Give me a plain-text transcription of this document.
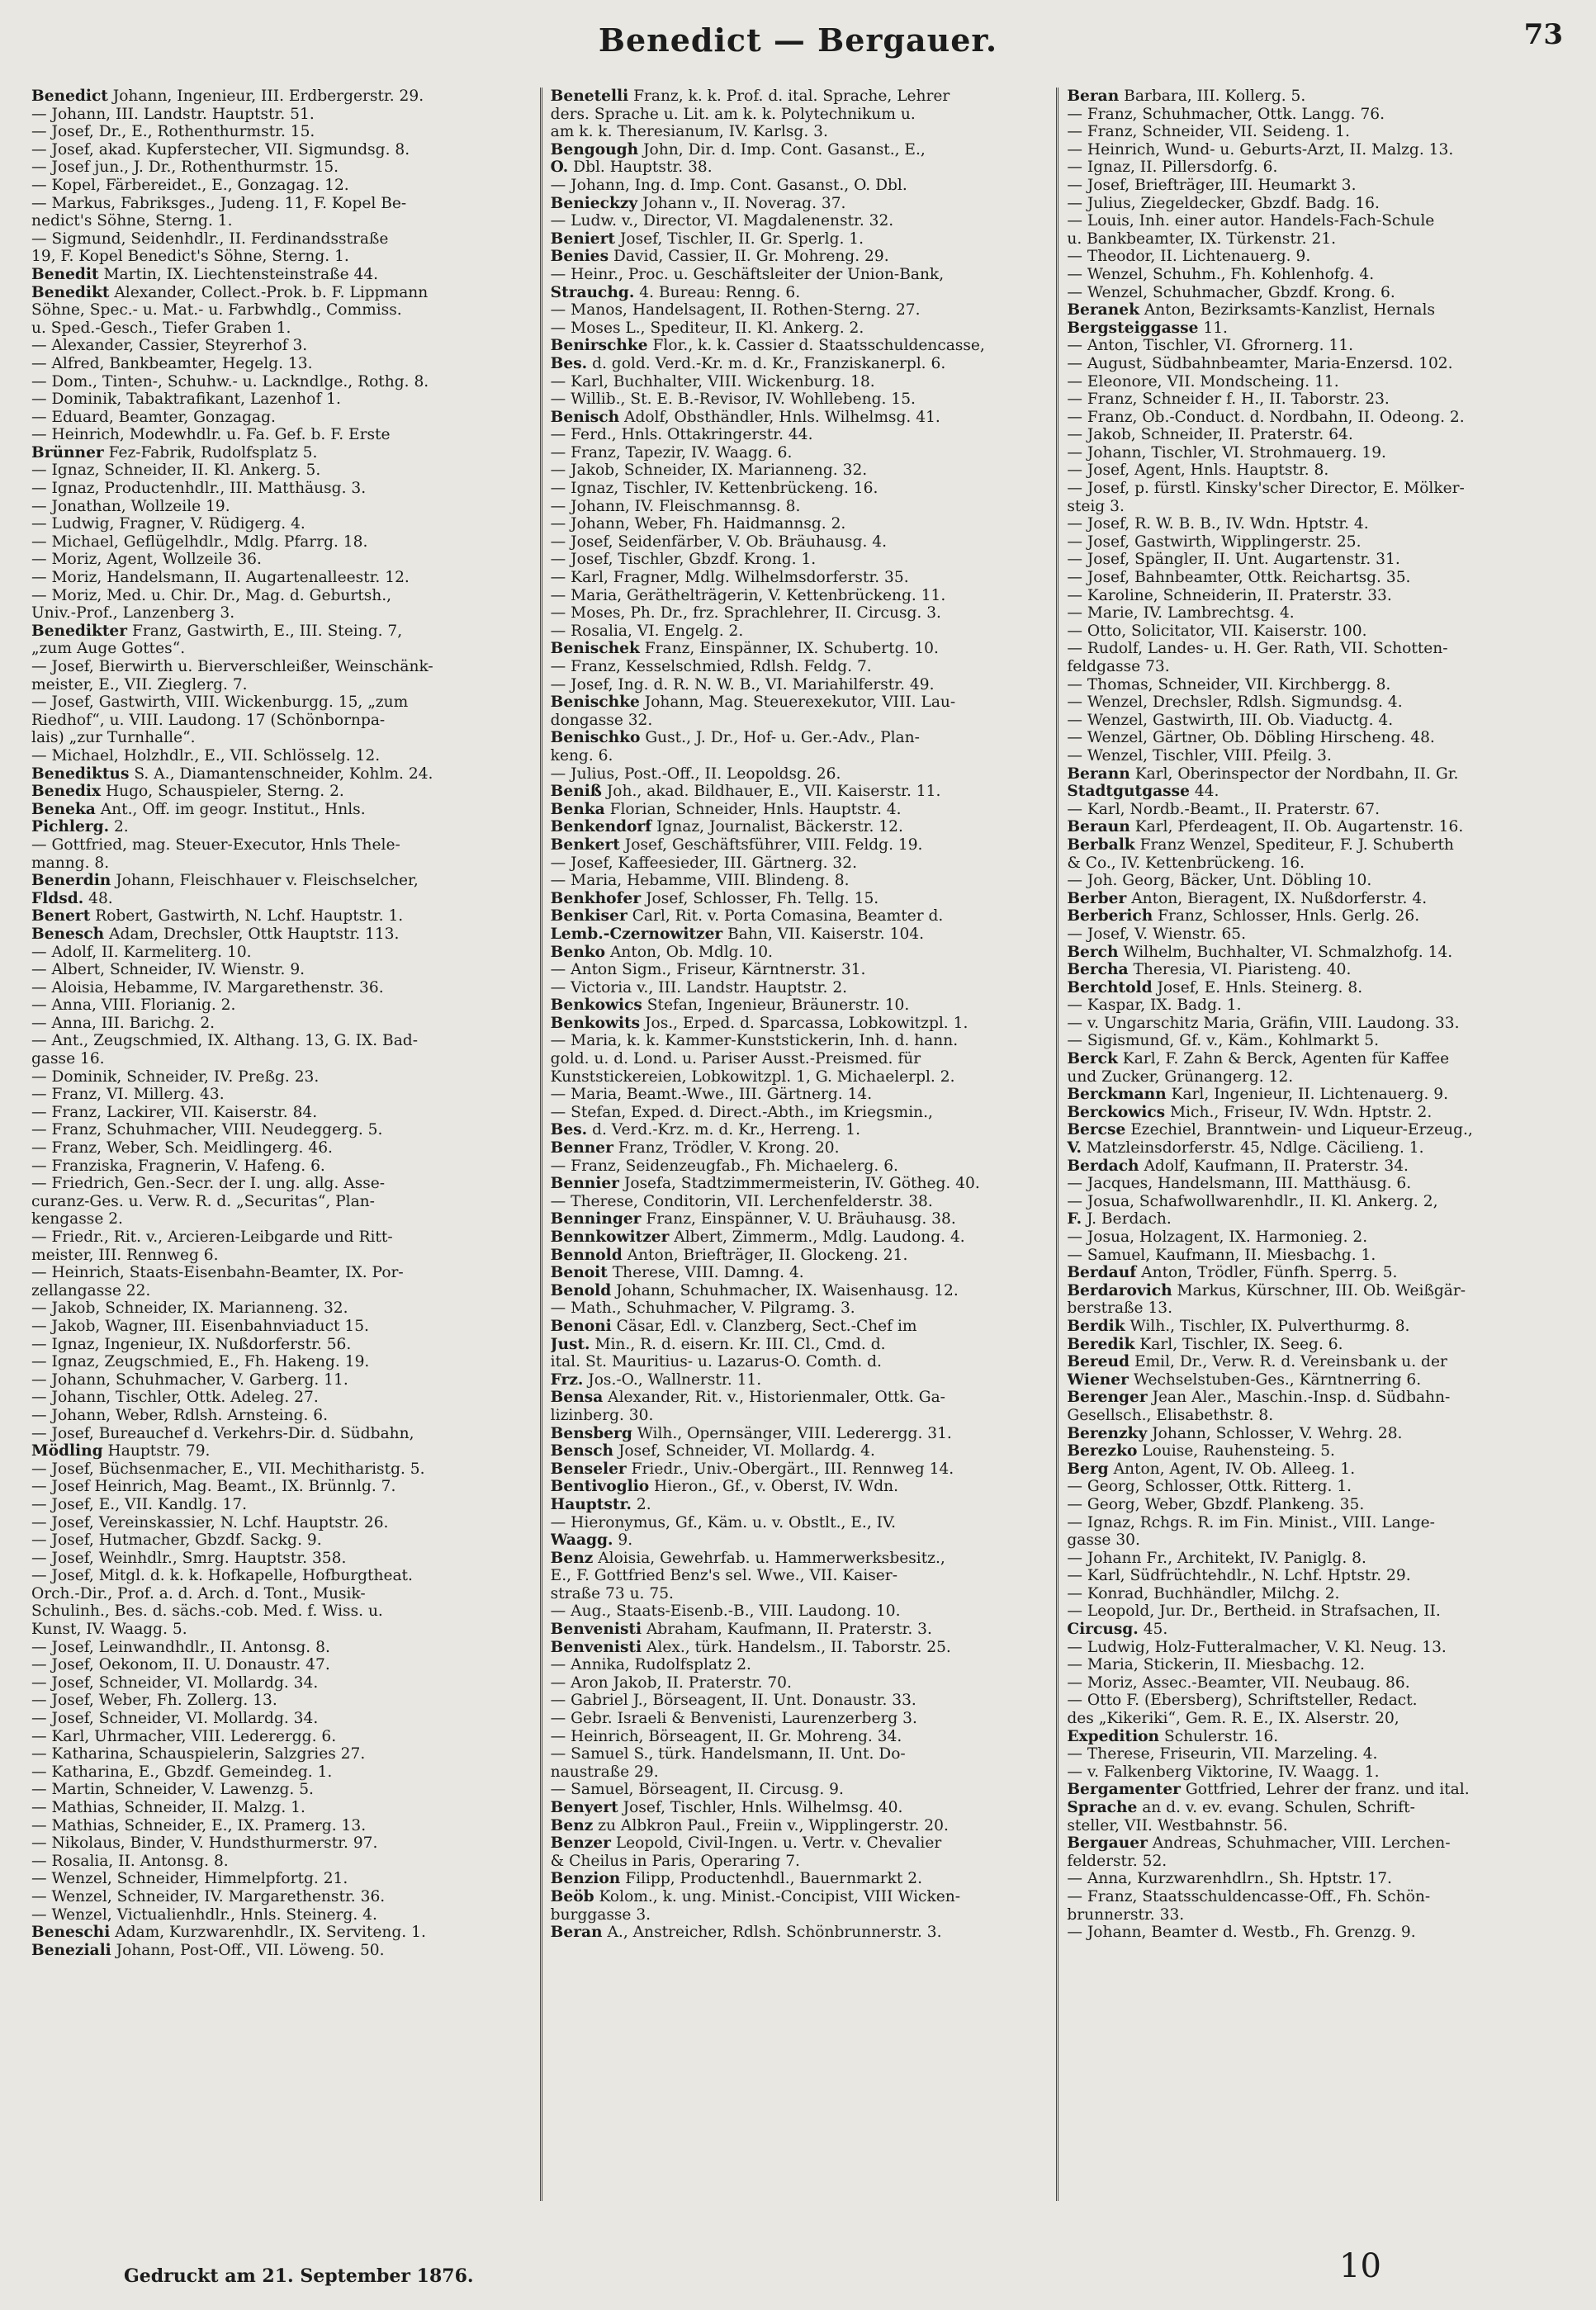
Benedict — Bergauer.	73
Benedict Johann, Ingenieur, III. Erdbergerstr. 29.
— Johann, III. Landstr. Hauptstr. 51.
— Josef, Dr., E., Rothenthurmstr. 15.
— Josef, akad. Kupferstecher, VII. Sigmundsg. 8.
— Josef jun., J. Dr., Rothenthurmstr. 15.
— Kopel, Färbereidet., E., Gonzagag. 12.
— Markus, Fabriksges., Judeng. 11, F. Kopel Be-
nedict's Söhne, Sterng. 1.
— Sigmund, Seidenhdlr., II. Ferdinandsstraße
19, F. Kopel Benedict's Söhne, Sterng. 1.
Benedit Martin, IX. Liechtensteinstraße 44.
Benedikt Alexander, Collect.-Prok. b. F. Lippmann
Söhne, Spec.- u. Mat.- u. Farbwhdlg., Commiss.
u. Sped.-Gesch., Tiefer Graben 1.
— Alexander, Cassier, Steyrerhof 3.
— Alfred, Bankbeamter, Hegelg. 13.
— Dom., Tinten-, Schuhw.- u. Lackndlge., Rothg. 8.
— Dominik, Tabaktrafikant, Lazenhof 1.
— Eduard, Beamter, Gonzagag.
— Heinrich, Modewhdlr. u. Fa. Gef. b. F. Erste
Brünner Fez-Fabrik, Rudolfsplatz 5.
— Ignaz, Schneider, II. Kl. Ankerg. 5.
— Ignaz, Productenhdlr., III. Matthäusg. 3.
— Jonathan, Wollzeile 19.
— Ludwig, Fragner, V. Rüdigerg. 4.
— Michael, Geflügelhdlr., Mdlg. Pfarrg. 18.
— Moriz, Agent, Wollzeile 36.
— Moriz, Handelsmann, II. Augartenalleestr. 12.
— Moriz, Med. u. Chir. Dr., Mag. d. Geburtsh.,
Univ.-Prof., Lanzenberg 3.
Benedikter Franz, Gastwirth, E., III. Steing. 7,
„zum Auge Gottes“.
— Josef, Bierwirth u. Bierverschleißer, Weinschänk-
meister, E., VII. Zieglerg. 7.
— Josef, Gastwirth, VIII. Wickenburgg. 15, „zum
Riedhof“, u. VIII. Laudong. 17 (Schönbornpa-
lais) „zur Turnhalle“.
— Michael, Holzhdlr., E., VII. Schlösselg. 12.
Benediktus S. A., Diamantenschneider, Kohlm. 24.
Benedix Hugo, Schauspieler, Sterng. 2.
Beneka Ant., Off. im geogr. Institut., Hnls.
Pichlerg. 2.
— Gottfried, mag. Steuer-Executor, Hnls Thele-
manng. 8.
Benerdin Johann, Fleischhauer v. Fleischselcher,
Fldsd. 48.
Benert Robert, Gastwirth, N. Lchf. Hauptstr. 1.
Benesch Adam, Drechsler, Ottk Hauptstr. 113.
— Adolf, II. Karmeliterg. 10.
— Albert, Schneider, IV. Wienstr. 9.
— Aloisia, Hebamme, IV. Margarethenstr. 36.
— Anna, VIII. Florianig. 2.
— Anna, III. Barichg. 2.
— Ant., Zeugschmied, IX. Althang. 13, G. IX. Bad-
gasse 16.
— Dominik, Schneider, IV. Preßg. 23.
— Franz, VI. Millerg. 43.
— Franz, Lackirer, VII. Kaiserstr. 84.
— Franz, Schuhmacher, VIII. Neudeggerg. 5.
— Franz, Weber, Sch. Meidlingerg. 46.
— Franziska, Fragnerin, V. Hafeng. 6.
— Friedrich, Gen.-Secr. der I. ung. allg. Asse-
curanz-Ges. u. Verw. R. d. „Securitas“, Plan-
kengasse 2.
— Friedr., Rit. v., Arcieren-Leibgarde und Ritt-
meister, III. Rennweg 6.
— Heinrich, Staats-Eisenbahn-Beamter, IX. Por-
zellangasse 22.
— Jakob, Schneider, IX. Marianneng. 32.
— Jakob, Wagner, III. Eisenbahnviaduct 15.
— Ignaz, Ingenieur, IX. Nußdorferstr. 56.
— Ignaz, Zeugschmied, E., Fh. Hakeng. 19.
— Johann, Schuhmacher, V. Garberg. 11.
— Johann, Tischler, Ottk. Adeleg. 27.
— Johann, Weber, Rdlsh. Arnsteing. 6.
— Josef, Bureauchef d. Verkehrs-Dir. d. Südbahn,
Mödling Hauptstr. 79.
— Josef, Büchsenmacher, E., VII. Mechitharistg. 5.
— Josef Heinrich, Mag. Beamt., IX. Brünnlg. 7.
— Josef, E., VII. Kandlg. 17.
— Josef, Vereinskassier, N. Lchf. Hauptstr. 26.
— Josef, Hutmacher, Gbzdf. Sackg. 9.
— Josef, Weinhdlr., Smrg. Hauptstr. 358.
— Josef, Mitgl. d. k. k. Hofkapelle, Hofburgtheat.
Orch.-Dir., Prof. a. d. Arch. d. Tont., Musik-
Schulinh., Bes. d. sächs.-cob. Med. f. Wiss. u.
Kunst, IV. Waagg. 5.
— Josef, Leinwandhdlr., II. Antonsg. 8.
— Josef, Oekonom, II. U. Donaustr. 47.
— Josef, Schneider, VI. Mollardg. 34.
— Josef, Weber, Fh. Zollerg. 13.
— Josef, Schneider, VI. Mollardg. 34.
— Karl, Uhrmacher, VIII. Lederergg. 6.
— Katharina, Schauspielerin, Salzgries 27.
— Katharina, E., Gbzdf. Gemeindeg. 1.
— Martin, Schneider, V. Lawenzg. 5.
— Mathias, Schneider, II. Malzg. 1.
— Mathias, Schneider, E., IX. Pramerg. 13.
— Nikolaus, Binder, V. Hundsthurmerstr. 97.
— Rosalia, II. Antonsg. 8.
— Wenzel, Schneider, Himmelpfortg. 21.
— Wenzel, Schneider, IV. Margarethenstr. 36.
— Wenzel, Victualienhdlr., Hnls. Steinerg. 4.
Beneschi Adam, Kurzwarenhdlr., IX. Serviteng. 1.
Beneziali Johann, Post-Off., VII. Löweng. 50.
Benetelli Franz, k. k. Prof. d. ital. Sprache, Lehrer
ders. Sprache u. Lit. am k. k. Polytechnikum u.
am k. k. Theresianum, IV. Karlsg. 3.
Bengough John, Dir. d. Imp. Cont. Gasanst., E.,
O. Dbl. Hauptstr. 38.
— Johann, Ing. d. Imp. Cont. Gasanst., O. Dbl.
Benieckzy Johann v., II. Noverag. 37.
— Ludw. v., Director, VI. Magdalenenstr. 32.
Beniert Josef, Tischler, II. Gr. Sperlg. 1.
Benies David, Cassier, II. Gr. Mohreng. 29.
— Heinr., Proc. u. Geschäftsleiter der Union-Bank,
Strauchg. 4. Bureau: Renng. 6.
— Manos, Handelsagent, II. Rothen-Sterng. 27.
— Moses L., Spediteur, II. Kl. Ankerg. 2.
Benirschke Flor., k. k. Cassier d. Staatsschuldencasse,
Bes. d. gold. Verd.-Kr. m. d. Kr., Franziskanerpl. 6.
— Karl, Buchhalter, VIII. Wickenburg. 18.
— Willib., St. E. B.-Revisor, IV. Wohllebeng. 15.
Benisch Adolf, Obsthändler, Hnls. Wilhelmsg. 41.
— Ferd., Hnls. Ottakringerstr. 44.
— Franz, Tapezir, IV. Waagg. 6.
— Jakob, Schneider, IX. Marianneng. 32.
— Ignaz, Tischler, IV. Kettenbrückeng. 16.
— Johann, IV. Fleischmannsg. 8.
— Johann, Weber, Fh. Haidmannsg. 2.
— Josef, Seidenfärber, V. Ob. Bräuhausg. 4.
— Josef, Tischler, Gbzdf. Krong. 1.
— Karl, Fragner, Mdlg. Wilhelmsdorferstr. 35.
— Maria, Geräthelträgerin, V. Kettenbrückeng. 11.
— Moses, Ph. Dr., frz. Sprachlehrer, II. Circusg. 3.
— Rosalia, VI. Engelg. 2.
Benischek Franz, Einspänner, IX. Schubertg. 10.
— Franz, Kesselschmied, Rdlsh. Feldg. 7.
— Josef, Ing. d. R. N. W. B., VI. Mariahilferstr. 49.
Benischke Johann, Mag. Steuerexekutor, VIII. Lau-
dongasse 32.
Benischko Gust., J. Dr., Hof- u. Ger.-Adv., Plan-
keng. 6.
— Julius, Post.-Off., II. Leopoldsg. 26.
Beniß Joh., akad. Bildhauer, E., VII. Kaiserstr. 11.
Benka Florian, Schneider, Hnls. Hauptstr. 4.
Benkendorf Ignaz, Journalist, Bäckerstr. 12.
Benkert Josef, Geschäftsführer, VIII. Feldg. 19.
— Josef, Kaffeesieder, III. Gärtnerg. 32.
— Maria, Hebamme, VIII. Blindeng. 8.
Benkhofer Josef, Schlosser, Fh. Tellg. 15.
Benkiser Carl, Rit. v. Porta Comasina, Beamter d.
Lemb.-Czernowitzer Bahn, VII. Kaiserstr. 104.
Benko Anton, Ob. Mdlg. 10.
— Anton Sigm., Friseur, Kärntnerstr. 31.
— Victoria v., III. Landstr. Hauptstr. 2.
Benkowics Stefan, Ingenieur, Bräunerstr. 10.
Benkowits Jos., Erped. d. Sparcassa, Lobkowitzpl. 1.
— Maria, k. k. Kammer-Kunststickerin, Inh. d. hann.
gold. u. d. Lond. u. Pariser Ausst.-Preismed. für
Kunststickereien, Lobkowitzpl. 1, G. Michaelerpl. 2.
— Maria, Beamt.-Wwe., III. Gärtnerg. 14.
— Stefan, Exped. d. Direct.-Abth., im Kriegsmin.,
Bes. d. Verd.-Krz. m. d. Kr., Herreng. 1.
Benner Franz, Trödler, V. Krong. 20.
— Franz, Seidenzeugfab., Fh. Michaelerg. 6.
Bennier Josefa, Stadtzimmermeisterin, IV. Götheg. 40.
— Therese, Conditorin, VII. Lerchenfelderstr. 38.
Benninger Franz, Einspänner, V. U. Bräuhausg. 38.
Bennkowitzer Albert, Zimmerm., Mdlg. Laudong. 4.
Bennold Anton, Briefträger, II. Glockeng. 21.
Benoit Therese, VIII. Damng. 4.
Benold Johann, Schuhmacher, IX. Waisenhausg. 12.
— Math., Schuhmacher, V. Pilgramg. 3.
Benoni Cäsar, Edl. v. Clanzberg, Sect.-Chef im
Just. Min., R. d. eisern. Kr. III. Cl., Cmd. d.
ital. St. Mauritius- u. Lazarus-O. Comth. d.
Frz. Jos.-O., Wallnerstr. 11.
Bensa Alexander, Rit. v., Historienmaler, Ottk. Ga-
lizinberg. 30.
Bensberg Wilh., Opernsänger, VIII. Lederergg. 31.
Bensch Josef, Schneider, VI. Mollardg. 4.
Benseler Friedr., Univ.-Obergärt., III. Rennweg 14.
Bentivoglio Hieron., Gf., v. Oberst, IV. Wdn.
Hauptstr. 2.
— Hieronymus, Gf., Käm. u. v. Obstlt., E., IV.
Waagg. 9.
Benz Aloisia, Gewehrfab. u. Hammerwerksbesitz.,
E., F. Gottfried Benz's sel. Wwe., VII. Kaiser-
straße 73 u. 75.
— Aug., Staats-Eisenb.-B., VIII. Laudong. 10.
Benvenisti Abraham, Kaufmann, II. Praterstr. 3.
Benvenisti Alex., türk. Handelsm., II. Taborstr. 25.
— Annika, Rudolfsplatz 2.
— Aron Jakob, II. Praterstr. 70.
— Gabriel J., Börseagent, II. Unt. Donaustr. 33.
— Gebr. Israeli & Benvenisti, Laurenzerberg 3.
— Heinrich, Börseagent, II. Gr. Mohreng. 34.
— Samuel S., türk. Handelsmann, II. Unt. Do-
naustraße 29.
— Samuel, Börseagent, II. Circusg. 9.
Benyert Josef, Tischler, Hnls. Wilhelmsg. 40.
Benz zu Albkron Paul., Freiin v., Wipplingerstr. 20.
Benzer Leopold, Civil-Ingen. u. Vertr. v. Chevalier
& Cheilus in Paris, Operaring 7.
Benzion Filipp, Productenhdl., Bauernmarkt 2.
Beöb Kolom., k. ung. Minist.-Concipist, VIII Wicken-
burggasse 3.
Beran A., Anstreicher, Rdlsh. Schönbrunnerstr. 3.
Beran Barbara, III. Kollerg. 5.
— Franz, Schuhmacher, Ottk. Langg. 76.
— Franz, Schneider, VII. Seideng. 1.
— Heinrich, Wund- u. Geburts-Arzt, II. Malzg. 13.
— Ignaz, II. Pillersdorfg. 6.
— Josef, Briefträger, III. Heumarkt 3.
— Julius, Ziegeldecker, Gbzdf. Badg. 16.
— Louis, Inh. einer autor. Handels-Fach-Schule
u. Bankbeamter, IX. Türkenstr. 21.
— Theodor, II. Lichtenauerg. 9.
— Wenzel, Schuhm., Fh. Kohlenhofg. 4.
— Wenzel, Schuhmacher, Gbzdf. Krong. 6.
Beranek Anton, Bezirksamts-Kanzlist, Hernals
Bergsteiggasse 11.
— Anton, Tischler, VI. Gfrornerg. 11.
— August, Südbahnbeamter, Maria-Enzersd. 102.
— Eleonore, VII. Mondscheing. 11.
— Franz, Schneider f. H., II. Taborstr. 23.
— Franz, Ob.-Conduct. d. Nordbahn, II. Odeong. 2.
— Jakob, Schneider, II. Praterstr. 64.
— Johann, Tischler, VI. Strohmauerg. 19.
— Josef, Agent, Hnls. Hauptstr. 8.
— Josef, p. fürstl. Kinsky'scher Director, E. Mölker-
steig 3.
— Josef, R. W. B. B., IV. Wdn. Hptstr. 4.
— Josef, Gastwirth, Wipplingerstr. 25.
— Josef, Spängler, II. Unt. Augartenstr. 31.
— Josef, Bahnbeamter, Ottk. Reichartsg. 35.
— Karoline, Schneiderin, II. Praterstr. 33.
— Marie, IV. Lambrechtsg. 4.
— Otto, Solicitator, VII. Kaiserstr. 100.
— Rudolf, Landes- u. H. Ger. Rath, VII. Schotten-
feldgasse 73.
— Thomas, Schneider, VII. Kirchbergg. 8.
— Wenzel, Drechsler, Rdlsh. Sigmundsg. 4.
— Wenzel, Gastwirth, III. Ob. Viaductg. 4.
— Wenzel, Gärtner, Ob. Döbling Hirscheng. 48.
— Wenzel, Tischler, VIII. Pfeilg. 3.
Berann Karl, Oberinspector der Nordbahn, II. Gr.
Stadtgutgasse 44.
— Karl, Nordb.-Beamt., II. Praterstr. 67.
Beraun Karl, Pferdeagent, II. Ob. Augartenstr. 16.
Berbalk Franz Wenzel, Spediteur, F. J. Schuberth
& Co., IV. Kettenbrückeng. 16.
— Joh. Georg, Bäcker, Unt. Döbling 10.
Berber Anton, Bieragent, IX. Nußdorferstr. 4.
Berberich Franz, Schlosser, Hnls. Gerlg. 26.
— Josef, V. Wienstr. 65.
Berch Wilhelm, Buchhalter, VI. Schmalzhofg. 14.
Bercha Theresia, VI. Piaristeng. 40.
Berchtold Josef, E. Hnls. Steinerg. 8.
— Kaspar, IX. Badg. 1.
— v. Ungarschitz Maria, Gräfin, VIII. Laudong. 33.
— Sigismund, Gf. v., Käm., Kohlmarkt 5.
Berck Karl, F. Zahn & Berck, Agenten für Kaffee
und Zucker, Grünangerg. 12.
Berckmann Karl, Ingenieur, II. Lichtenauerg. 9.
Berckowics Mich., Friseur, IV. Wdn. Hptstr. 2.
Bercse Ezechiel, Branntwein- und Liqueur-Erzeug.,
V. Matzleinsdorferstr. 45, Ndlge. Cäcilieng. 1.
Berdach Adolf, Kaufmann, II. Praterstr. 34.
— Jacques, Handelsmann, III. Matthäusg. 6.
— Josua, Schafwollwarenhdlr., II. Kl. Ankerg. 2,
F. J. Berdach.
— Josua, Holzagent, IX. Harmonieg. 2.
— Samuel, Kaufmann, II. Miesbachg. 1.
Berdauf Anton, Trödler, Fünfh. Sperrg. 5.
Berdarovich Markus, Kürschner, III. Ob. Weißgär-
berstraße 13.
Berdik Wilh., Tischler, IX. Pulverthurmg. 8.
Beredik Karl, Tischler, IX. Seeg. 6.
Bereud Emil, Dr., Verw. R. d. Vereinsbank u. der
Wiener Wechselstuben-Ges., Kärntnerring 6.
Berenger Jean Aler., Maschin.-Insp. d. Südbahn-
Gesellsch., Elisabethstr. 8.
Berenzky Johann, Schlosser, V. Wehrg. 28.
Berezko Louise, Rauhensteing. 5.
Berg Anton, Agent, IV. Ob. Alleeg. 1.
— Georg, Schlosser, Ottk. Ritterg. 1.
— Georg, Weber, Gbzdf. Plankeng. 35.
— Ignaz, Rchgs. R. im Fin. Minist., VIII. Lange-
gasse 30.
— Johann Fr., Architekt, IV. Paniglg. 8.
— Karl, Südfrüchtehdlr., N. Lchf. Hptstr. 29.
— Konrad, Buchhändler, Milchg. 2.
— Leopold, Jur. Dr., Bertheid. in Strafsachen, II.
Circusg. 45.
— Ludwig, Holz-Futteralmacher, V. Kl. Neug. 13.
— Maria, Stickerin, II. Miesbachg. 12.
— Moriz, Assec.-Beamter, VII. Neubaug. 86.
— Otto F. (Ebersberg), Schriftsteller, Redact.
des „Kikeriki“, Gem. R. E., IX. Alserstr. 20,
Expedition Schulerstr. 16.
— Therese, Friseurin, VII. Marzeling. 4.
— v. Falkenberg Viktorine, IV. Waagg. 1.
Bergamenter Gottfried, Lehrer der franz. und ital.
Sprache an d. v. ev. evang. Schulen, Schrift-
steller, VII. Westbahnstr. 56.
Bergauer Andreas, Schuhmacher, VIII. Lerchen-
felderstr. 52.
— Anna, Kurzwarenhdlrn., Sh. Hptstr. 17.
— Franz, Staatsschuldencasse-Off., Fh. Schön-
brunnerstr. 33.
— Johann, Beamter d. Westb., Fh. Grenzg. 9.
Gedruckt am 21. September 1876.	10
